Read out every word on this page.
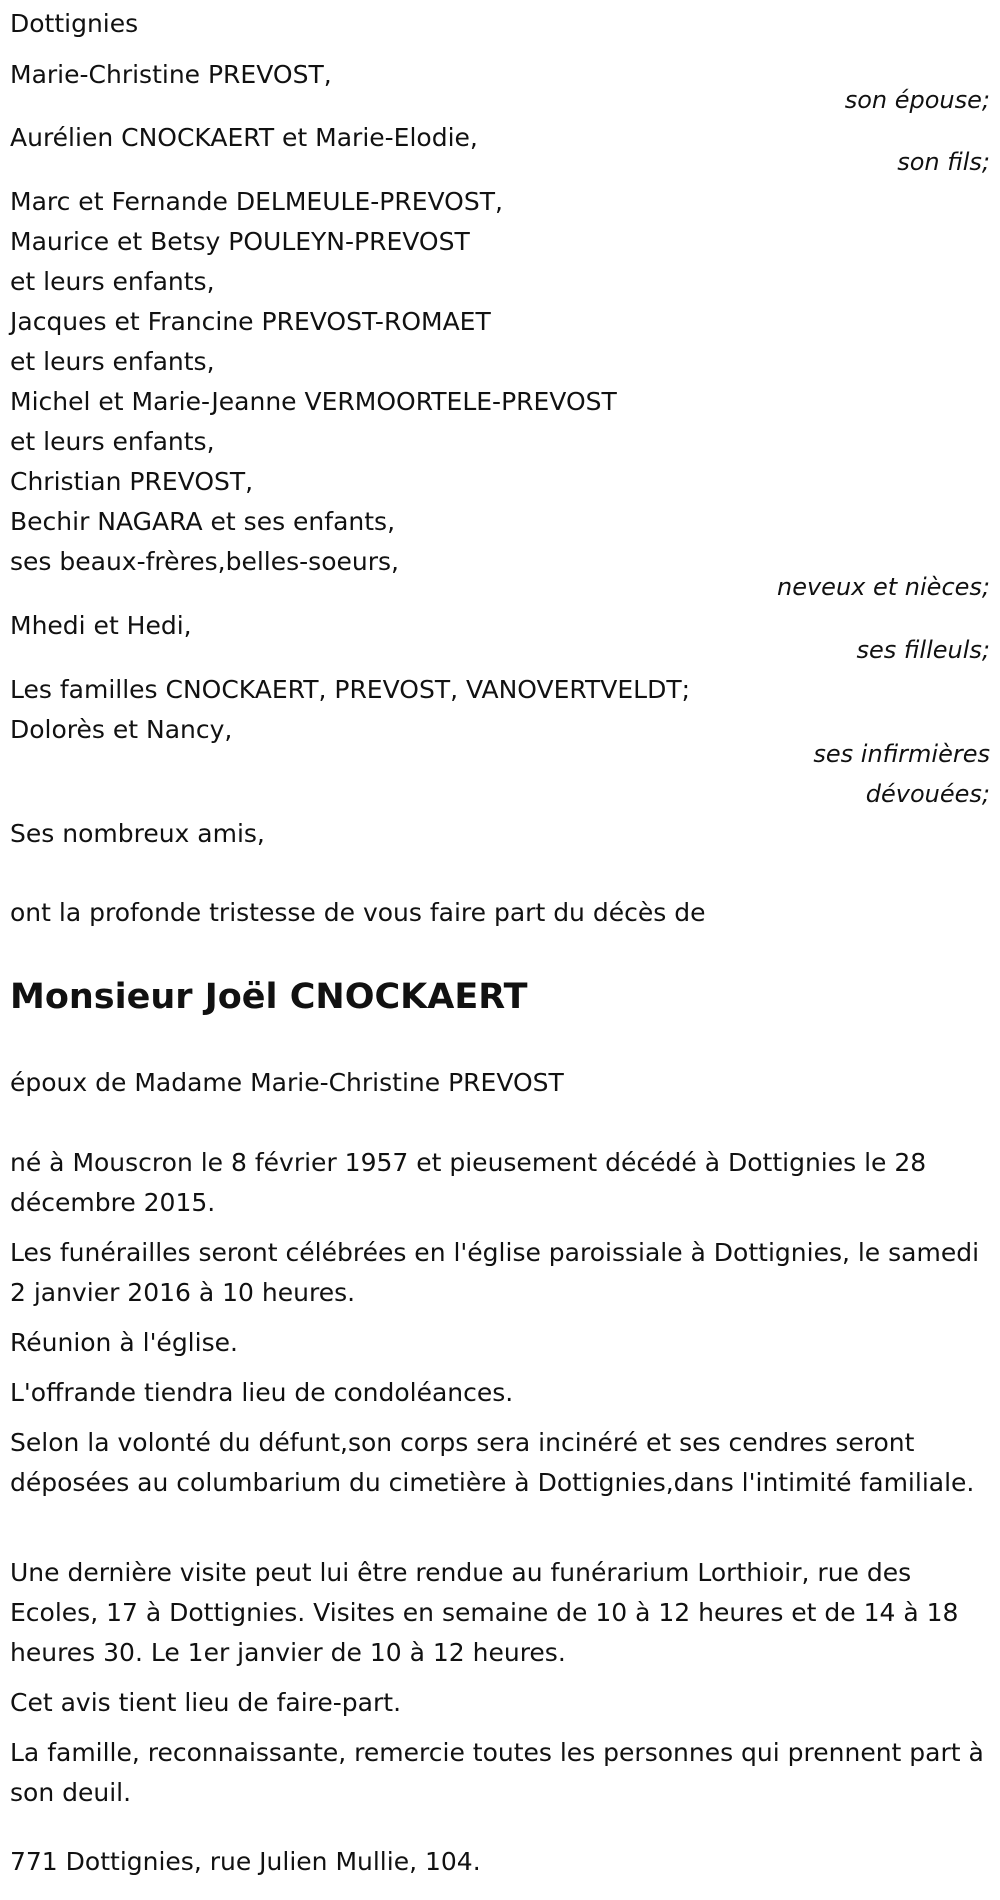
Dottignies
Marie-Christine PREVOST,
son épouse;
Aurélien CNOCKAERT et Marie-Elodie,
son fils;
Marc et Fernande DELMEULE-PREVOST,
Maurice et Betsy POULEYN-PREVOST
et leurs enfants,
Jacques et Francine PREVOST-ROMAET
et leurs enfants,
Michel et Marie-Jeanne VERMOORTELE-PREVOST
et leurs enfants,
Christian PREVOST,
Bechir NAGARA et ses enfants,
ses beaux-frères,belles-soeurs,
neveux et nièces;
Mhedi et Hedi,
ses filleuls;
Les familles CNOCKAERT, PREVOST, VANOVERTVELDT;
Dolorès et Nancy,
ses infirmières
dévouées;
Ses nombreux amis,
ont la profonde tristesse de vous faire part du décès de
Monsieur Joël CNOCKAERT
époux de Madame Marie-Christine PREVOST
né à Mouscron le 8 février 1957 et pieusement décédé à Dottignies le 28 décembre 2015.
Les funérailles seront célébrées en l'église paroissiale à Dottignies, le samedi 2 janvier 2016 à 10 heures.
Réunion à l'église.
L'offrande tiendra lieu de condoléances.
Selon la volonté du défunt,son corps sera incinéré et ses cendres seront déposées au columbarium du cimetière à Dottignies,dans l'intimité familiale.
Une dernière visite peut lui être rendue au funérarium Lorthioir, rue des Ecoles, 17 à Dottignies. Visites en semaine de 10 à 12 heures et de 14 à 18 heures 30. Le 1er janvier de 10 à 12 heures.
Cet avis tient lieu de faire-part.
La famille, reconnaissante, remercie toutes les personnes qui prennent part à son deuil.
771 Dottignies, rue Julien Mullie, 104.
